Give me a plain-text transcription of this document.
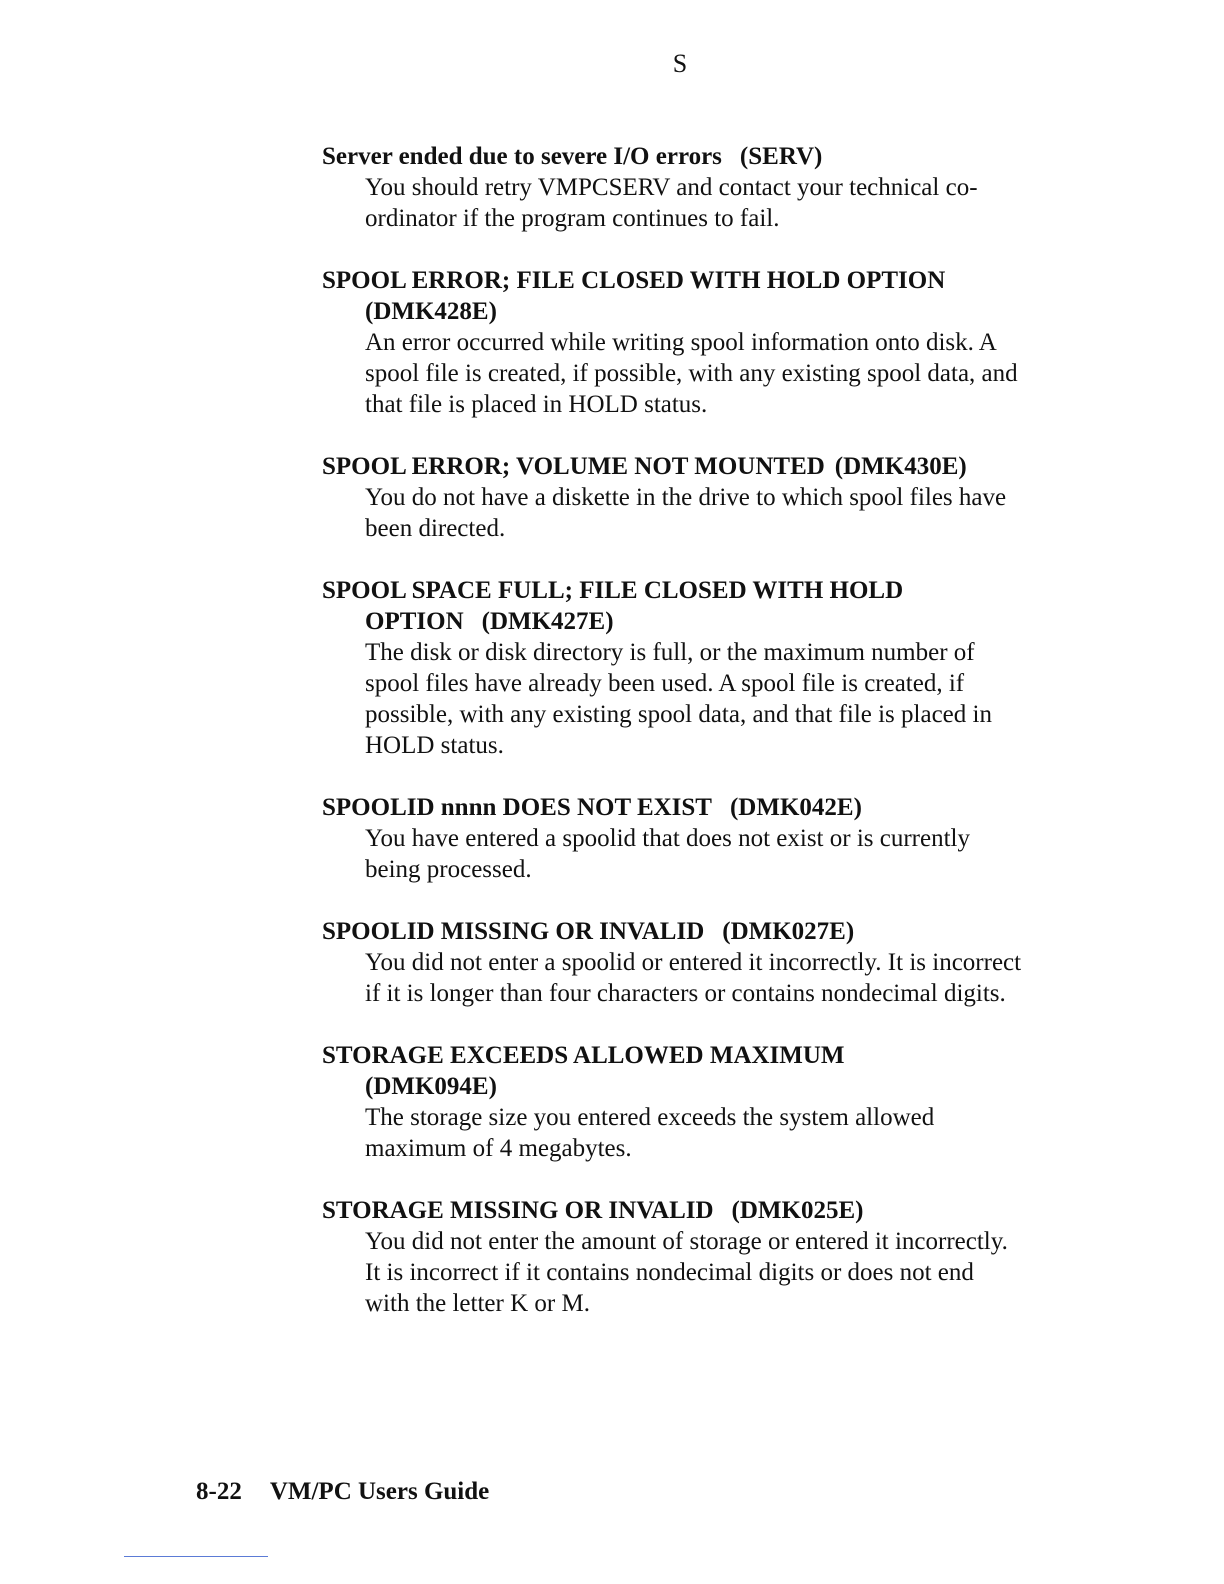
S
Server ended due to severe I/O errors (SERV)
You should retry VMPCSERV and contact your technical co-ordinator if the program continues to fail.
SPOOL ERROR; FILE CLOSED WITH HOLD OPTION
(DMK428E)
An error occurred while writing spool information onto disk. A spool file is created, if possible, with any existing spool data, and that file is placed in HOLD status.
SPOOL ERROR; VOLUME NOT MOUNTED (DMK430E)
You do not have a diskette in the drive to which spool files have been directed.
SPOOL SPACE FULL; FILE CLOSED WITH HOLD OPTION (DMK427E)
The disk or disk directory is full, or the maximum number of spool files have already been used. A spool file is created, if possible, with any existing spool data, and that file is placed in HOLD status.
SPOOLID nnnn DOES NOT EXIST (DMK042E)
You have entered a spoolid that does not exist or is currently being processed.
SPOOLID MISSING OR INVALID (DMK027E)
You did not enter a spoolid or entered it incorrectly. It is incorrect if it is longer than four characters or contains nondecimal digits.
STORAGE EXCEEDS ALLOWED MAXIMUM
(DMK094E)
The storage size you entered exceeds the system allowed maximum of 4 megabytes.
STORAGE MISSING OR INVALID (DMK025E)
You did not enter the amount of storage or entered it incorrectly. It is incorrect if it contains nondecimal digits or does not end with the letter K or M.
8-22 VM/PC Users Guide
